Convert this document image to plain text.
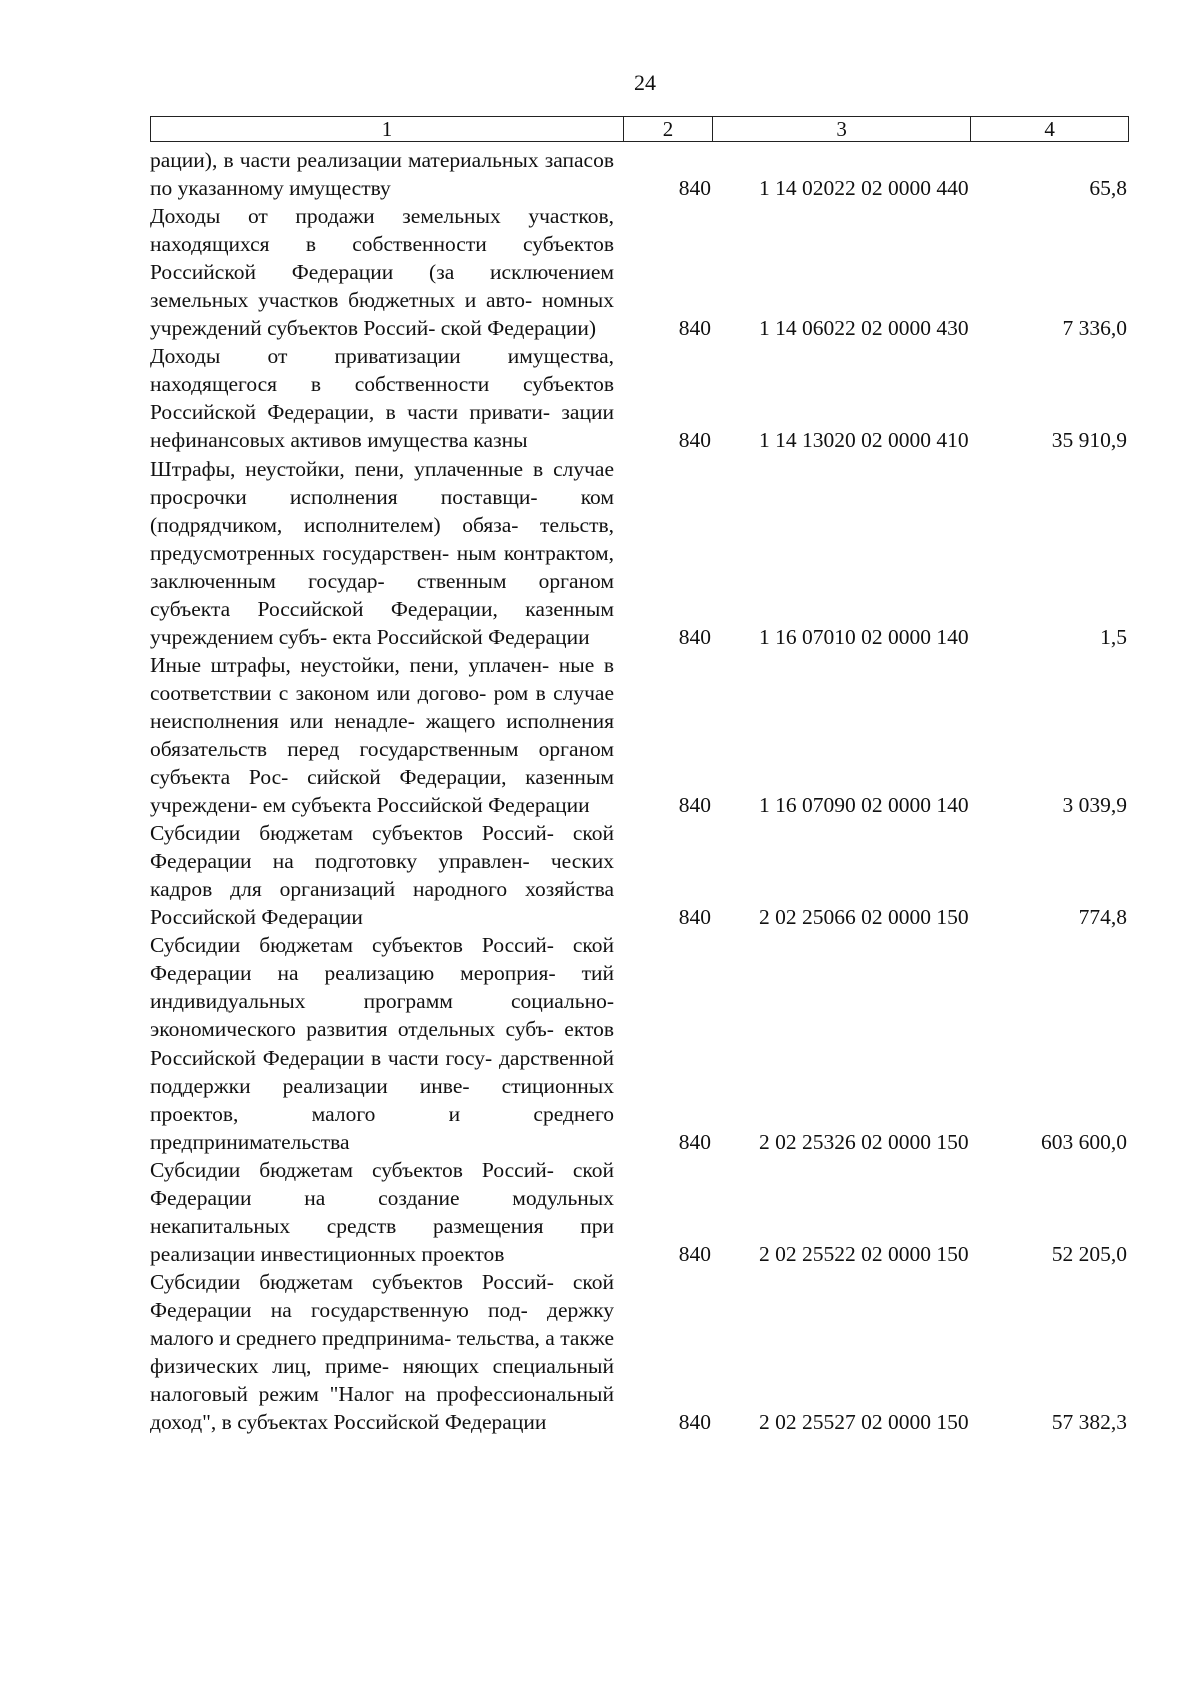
24
1	2	3	4
рации), в части реализации материальных запасов по указанному имуществу	840	1 14 02022 02 0000 440	65,8
Доходы от продажи земельных участков, находящихся в собственности субъектов Российской Федерации (за исключением земельных участков бюджетных и авто- номных учреждений субъектов Россий- ской Федерации)	840	1 14 06022 02 0000 430	7 336,0
Доходы от приватизации имущества, находящегося в собственности субъектов Российской Федерации, в части привати- зации нефинансовых активов имущества казны	840	1 14 13020 02 0000 410	35 910,9
Штрафы, неустойки, пени, уплаченные в случае просрочки исполнения поставщи- ком (подрядчиком, исполнителем) обяза- тельств, предусмотренных государствен- ным контрактом, заключенным государ- ственным органом субъекта Российской Федерации, казенным учреждением субъ- екта Российской Федерации	840	1 16 07010 02 0000 140	1,5
Иные штрафы, неустойки, пени, уплачен- ные в соответствии с законом или догово- ром в случае неисполнения или ненадле- жащего исполнения обязательств перед государственным органом субъекта Рос- сийской Федерации, казенным учреждени- ем субъекта Российской Федерации	840	1 16 07090 02 0000 140	3 039,9
Субсидии бюджетам субъектов Россий- ской Федерации на подготовку управлен- ческих кадров для организаций народного хозяйства Российской Федерации	840	2 02 25066 02 0000 150	774,8
Субсидии бюджетам субъектов Россий- ской Федерации на реализацию мероприя- тий индивидуальных программ социально- экономического развития отдельных субъ- ектов Российской Федерации в части госу- дарственной поддержки реализации инве- стиционных проектов, малого и среднего предпринимательства	840	2 02 25326 02 0000 150	603 600,0
Субсидии бюджетам субъектов Россий- ской Федерации на создание модульных некапитальных средств размещения при реализации инвестиционных проектов	840	2 02 25522 02 0000 150	52 205,0
Субсидии бюджетам субъектов Россий- ской Федерации на государственную под- держку малого и среднего предпринима- тельства, а также физических лиц, приме- няющих специальный налоговый режим "Налог на профессиональный доход", в субъектах Российской Федерации	840	2 02 25527 02 0000 150	57 382,3
